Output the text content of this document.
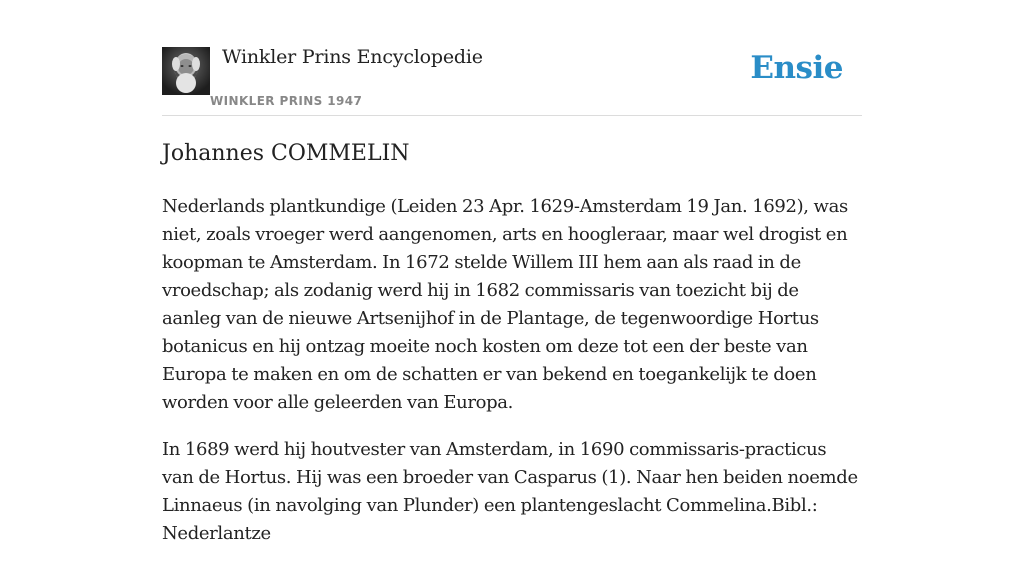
Winkler Prins Encyclopedie
WINKLER PRINS 1947
Ensie
Johannes COMMELIN

Nederlands plantkundige (Leiden 23 Apr. 1629-Amsterdam 19 Jan. 1692), was niet, zoals vroeger werd aangenomen, arts en hoogleraar, maar wel drogist en koopman te Amsterdam. In 1672 stelde Willem III hem aan als raad in de vroedschap; als zodanig werd hij in 1682 commissaris van toezicht bij de aanleg van de nieuwe Artsenijhof in de Plantage, de tegenwoordige Hortus botanicus en hij ontzag moeite noch kosten om deze tot een der beste van Europa te maken en om de schatten er van bekend en toegankelijk te doen worden voor alle geleerden van Europa.

In 1689 werd hij houtvester van Amsterdam, in 1690 commissaris-practicus van de Hortus. Hij was een broeder van Casparus (1). Naar hen beiden noemde Linnaeus (in navolging van Plunder) een plantengeslacht Commelina.Bibl.: Nederlantze
